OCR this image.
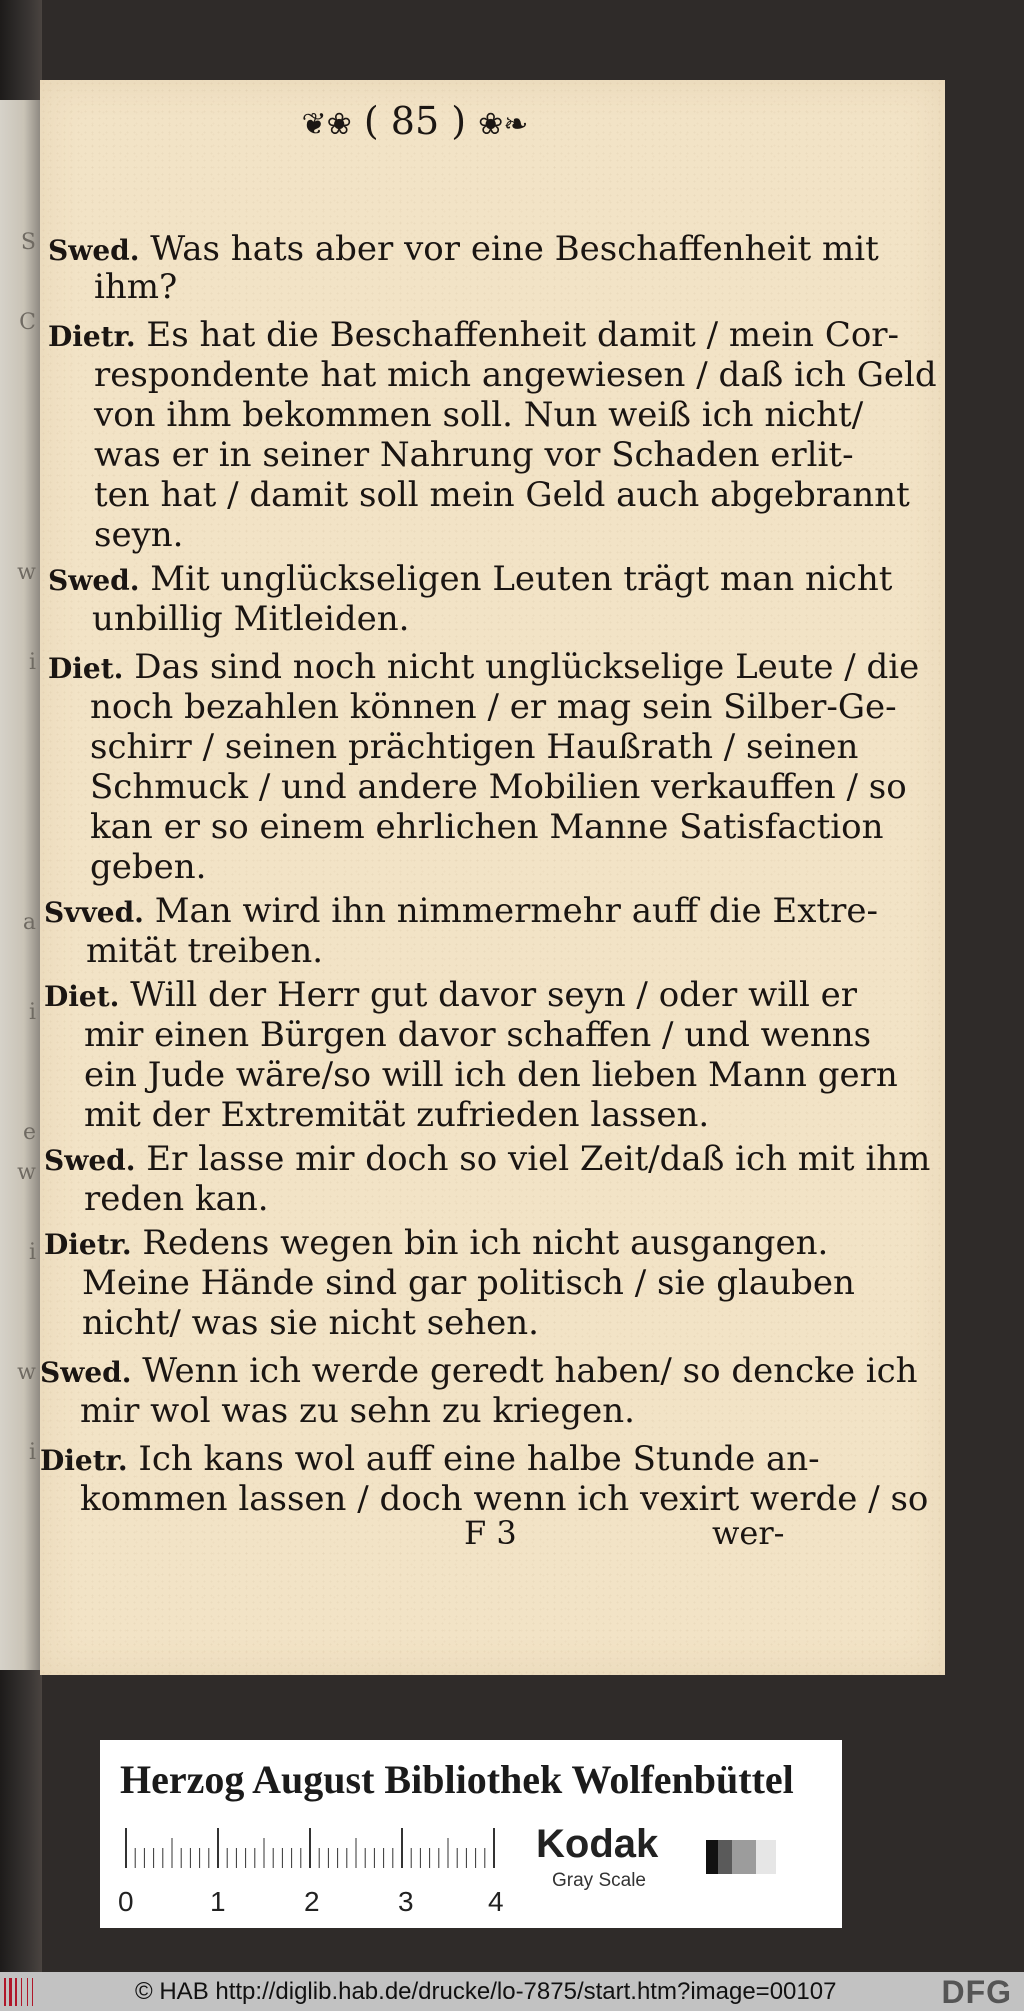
S
C
w
i
a
i
e
w
i
w
i
❦❀ ( 85 ) ❀❧
Swed. Was hats aber vor eine Beschaffenheit mit
ihm?
Dietr. Es hat die Beschaffenheit damit / mein Cor-
respondente hat mich angewiesen / daß ich Geld
von ihm bekommen soll. Nun weiß ich nicht/
was er in seiner Nahrung vor Schaden erlit-
ten hat / damit soll mein Geld auch abgebrannt
seyn.
Swed. Mit unglückseligen Leuten trägt man nicht
unbillig Mitleiden.
Diet. Das sind noch nicht unglückselige Leute / die
noch bezahlen können / er mag sein Silber-Ge-
schirr / seinen prächtigen Haußrath / seinen
Schmuck / und andere Mobilien verkauffen / so
kan er so einem ehrlichen Manne Satisfaction
geben.
Svved. Man wird ihn nimmermehr auff die Extre-
mität treiben.
Diet. Will der Herr gut davor seyn / oder will er
mir einen Bürgen davor schaffen / und wenns
ein Jude wäre/so will ich den lieben Mann gern
mit der Extremität zufrieden lassen.
Swed. Er lasse mir doch so viel Zeit/daß ich mit ihm
reden kan.
Dietr. Redens wegen bin ich nicht ausgangen.
Meine Hände sind gar politisch / sie glauben
nicht/ was sie nicht sehen.
Swed. Wenn ich werde geredt haben/ so dencke ich
mir wol was zu sehn zu kriegen.
Dietr. Ich kans wol auff eine halbe Stunde an-
kommen lassen / doch wenn ich vexirt werde / so
F 3	wer-
Herzog August Bibliothek Wolfenbüttel
0	1	2	3	4
Kodak
Gray Scale
© HAB http://diglib.hab.de/drucke/lo-7875/start.htm?image=00107	DFG
